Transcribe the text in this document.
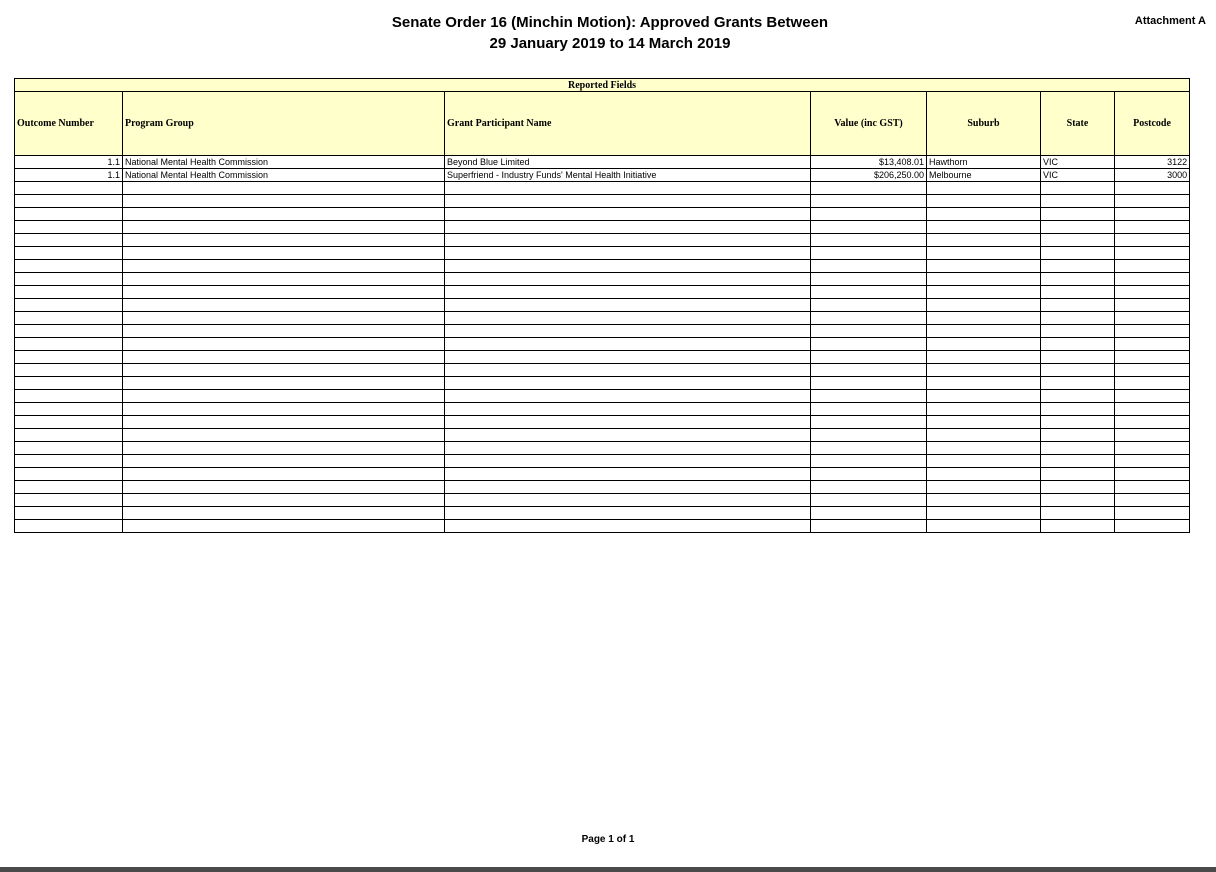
Senate Order 16 (Minchin Motion): Approved Grants Between
29 January 2019 to 14 March 2019
Attachment A
Reported Fields						
Outcome Number	Program Group	Grant Participant Name	Value (inc GST)	Suburb	State	Postcode
1.1	National Mental Health Commission	Beyond Blue Limited	$13,408.01	Hawthorn	VIC	3122
1.1	National Mental Health Commission	Superfriend - Industry Funds' Mental Health Initiative	$206,250.00	Melbourne	VIC	3000

Page 1 of 1
